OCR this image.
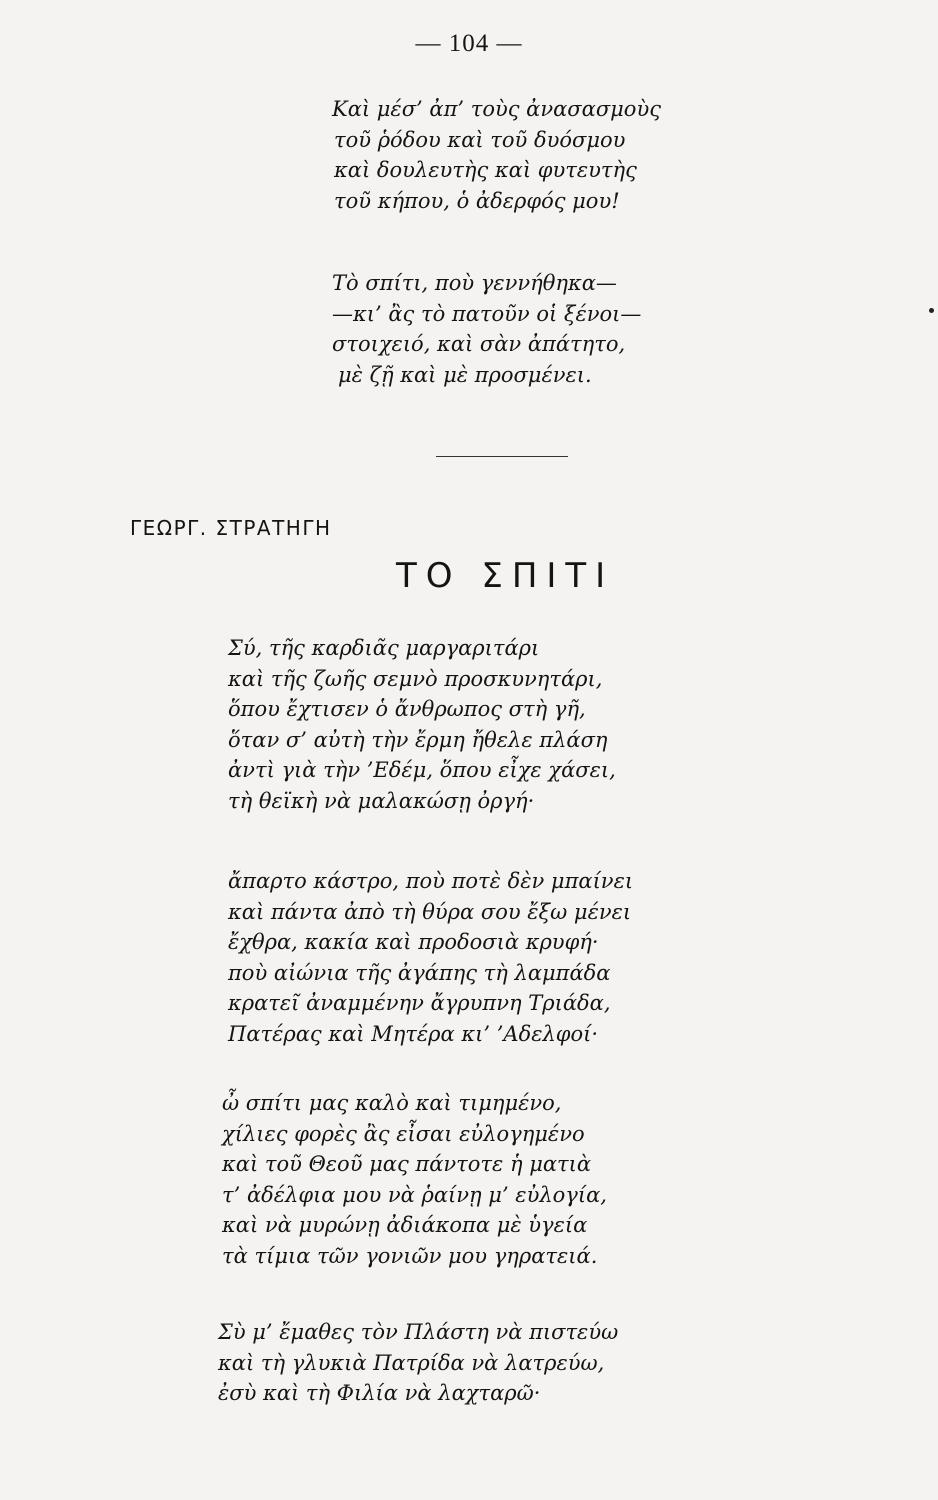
— 104 —
Καὶ μέσ’ ἀπ’ τοὺς ἀνασασμοὺς
τοῦ ῥόδου καὶ τοῦ δυόσμου
καὶ δουλευτὴς καὶ φυτευτὴς
τοῦ κήπου, ὁ ἀδερφός μου!
Τὸ σπίτι, ποὺ γεννήθηκα—
—κι’ ἂς τὸ πατοῦν οἱ ξένοι—
στοιχειό, καὶ σὰν ἀπάτητο,
μὲ ζῇ καὶ μὲ προσμένει.
ΓΕΩΡΓ. ΣΤΡΑΤΗΓΗ
ΤΟ ΣΠΙΤΙ
Σύ, τῆς καρδιᾶς μαργαριτάρι
καὶ τῆς ζωῆς σεμνὸ προσκυνητάρι,
ὅπου ἔχτισεν ὁ ἄνθρωπος στὴ γῆ,
ὅταν σ’ αὐτὴ τὴν ἔρμη ἤθελε πλάση
ἀντὶ γιὰ τὴν ’Εδέμ, ὅπου εἶχε χάσει,
τὴ θεϊκὴ νὰ μαλακώσῃ ὀργή·
ἄπαρτο κάστρο, ποὺ ποτὲ δὲν μπαίνει
καὶ πάντα ἀπὸ τὴ θύρα σου ἔξω μένει
ἔχθρα, κακία καὶ προδοσιὰ κρυφή·
ποὺ αἰώνια τῆς ἀγάπης τὴ λαμπάδα
κρατεῖ ἀναμμένην ἄγρυπνη Τριάδα,
Πατέρας καὶ Μητέρα κι’ ’Αδελφοί·
ὦ σπίτι μας καλὸ καὶ τιμημένο,
χίλιες φορὲς ἂς εἶσαι εὐλογημένο
καὶ τοῦ Θεοῦ μας πάντοτε ἡ ματιὰ
τ’ ἀδέλφια μου νὰ ῥαίνῃ μ’ εὐλογία,
καὶ νὰ μυρώνῃ ἀδιάκοπα μὲ ὑγεία
τὰ τίμια τῶν γονιῶν μου γηρατειά.
Σὺ μ’ ἔμαθες τὸν Πλάστη νὰ πιστεύω
καὶ τὴ γλυκιὰ Πατρίδα νὰ λατρεύω,
ἐσὺ καὶ τὴ Φιλία νὰ λαχταρῶ·
